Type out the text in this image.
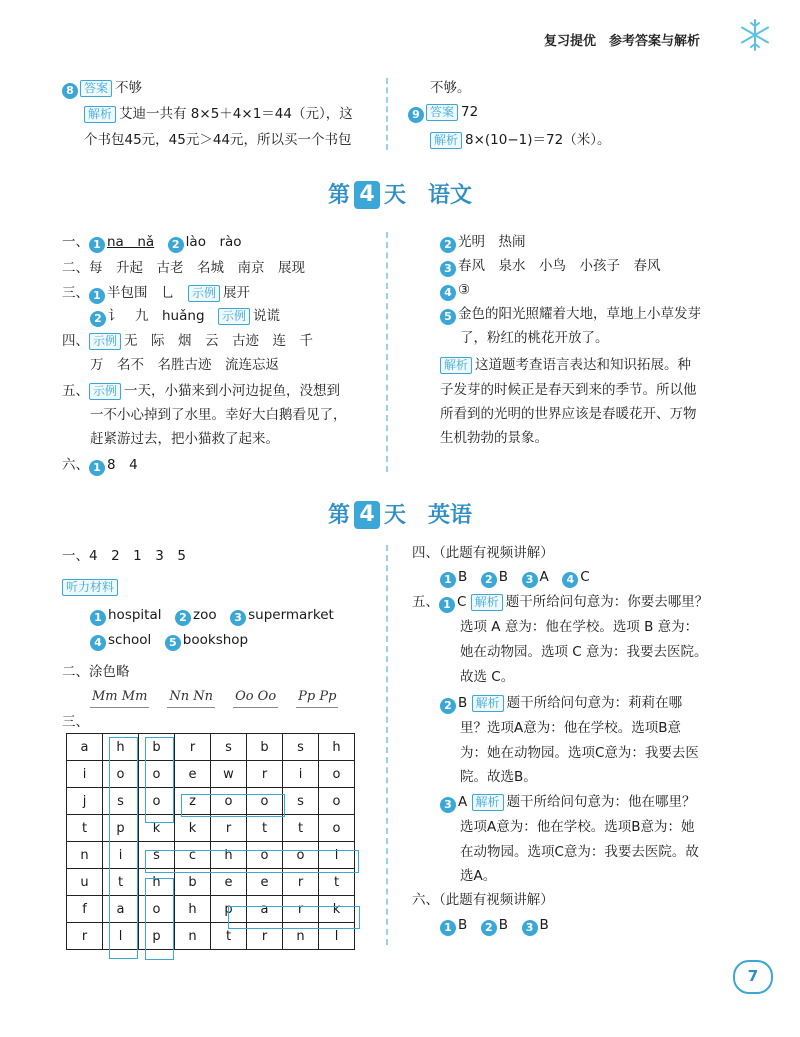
复习提优　参考答案与解析
8 答案 不够
解析 艾迪一共有 8×5＋4×1＝44（元），这
个书包45元，45元＞44元，所以买一个书包
不够。
9 答案 72
解析 8×(10−1)＝72（米）。
第 4 天　语文
一、 1 na　nǎ　 2 lào　rào
二、每　升起　古老　名城　南京　展现
三、 1 半包围　乚　 示例 展开
2 讠　九　huǎng　 示例 说谎
四、 示例 无　际　烟　云　古迹　连　千
万　名不　名胜古迹　流连忘返
五、 示例 一天，小猫来到小河边捉鱼，没想到
一不小心掉到了水里。幸好大白鹅看见了，
赶紧游过去，把小猫救了起来。
六、 1 8　4
2 光明　热闹
3 春风　泉水　小鸟　小孩子　春风
4 ③
5 金色的阳光照耀着大地，草地上小草发芽
了，粉红的桃花开放了。
解析 这道题考查语言表达和知识拓展。种
子发芽的时候正是春天到来的季节。所以他
所看到的光明的世界应该是春暖花开、万物
生机勃勃的景象。
第 4 天　英语
一、4　2　1　3　5
听力材料
1 hospital　 2 zoo　 3 supermarket
4 school　 5 bookshop
二、涂色略
Mm Mm Nn Nn Oo Oo Pp Pp
三、
a	h	b	r	s	b	s	h
i	o	o	e	w	r	i	o
j	s	o	z	o	o	s	o
t	p	k	k	r	t	t	o
n	i	s	c	h	o	o	l
u	t	h	b	e	e	r	t
f	a	o	h	p	a	r	k
r	l	p	n	t	r	n	l
四、（此题有视频讲解）
1 B　 2 B　 3 A　 4 C
五、 1 C 解析 题干所给问句意为：你要去哪里？
选项 A 意为：他在学校。选项 B 意为：
她在动物园。选项 C 意为：我要去医院。
故选 C。
2 B 解析 题干所给问句意为：莉莉在哪
里？选项A意为：他在学校。选项B意
为：她在动物园。选项C意为：我要去医
院。故选B。
3 A 解析 题干所给问句意为：他在哪里？
选项A意为：他在学校。选项B意为：她
在动物园。选项C意为：我要去医院。故
选A。
六、（此题有视频讲解）
1 B　 2 B　 3 B
7
